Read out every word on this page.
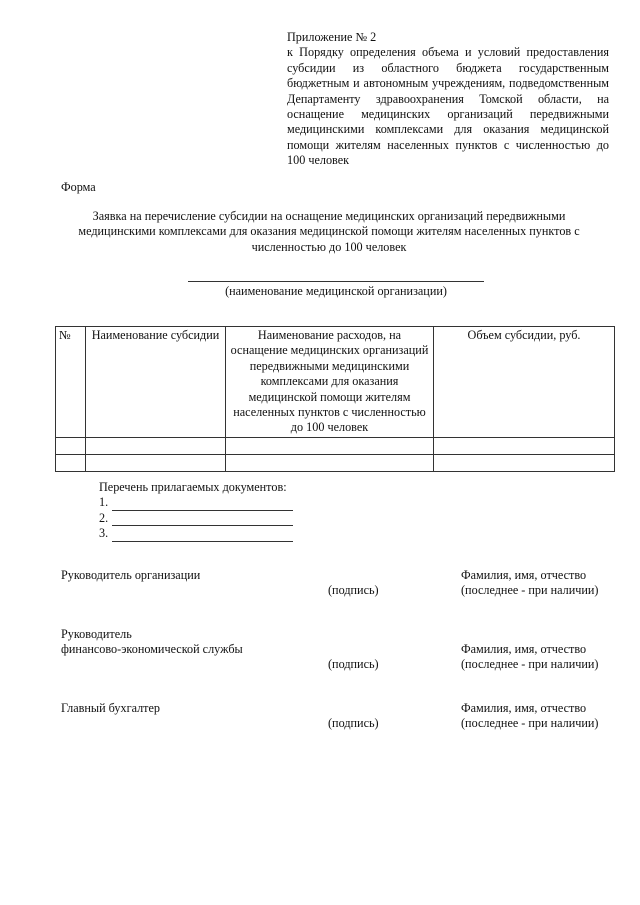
Приложение № 2
к Порядку определения объема и условий предоставления субсидии из областного бюджета государственным бюджетным и автономным учреждениям, подведомственным Департаменту здравоохранения Томской области, на оснащение медицинских организаций передвижными медицинскими комплексами для оказания медицинской помощи жителям населенных пунктов с численностью до 100 человек
Форма
Заявка на перечисление субсидии на оснащение медицинских организаций передвижными медицинскими комплексами для оказания медицинской помощи жителям населенных пунктов с численностью до 100 человек
(наименование медицинской организации)
№	Наименование субсидии	Наименование расходов, на оснащение медицинских организаций передвижными медицинскими комплексами для оказания медицинской помощи жителям населенных пунктов с численностью до 100 человек	Объем субсидии, руб.

Перечень прилагаемых документов:
1.
2.
3.
Руководитель организации
(подпись)
Фамилия, имя, отчество
(последнее - при наличии)
Руководитель
финансово-экономической службы
(подпись)
Фамилия, имя, отчество
(последнее - при наличии)
Главный бухгалтер
(подпись)
Фамилия, имя, отчество
(последнее - при наличии)
